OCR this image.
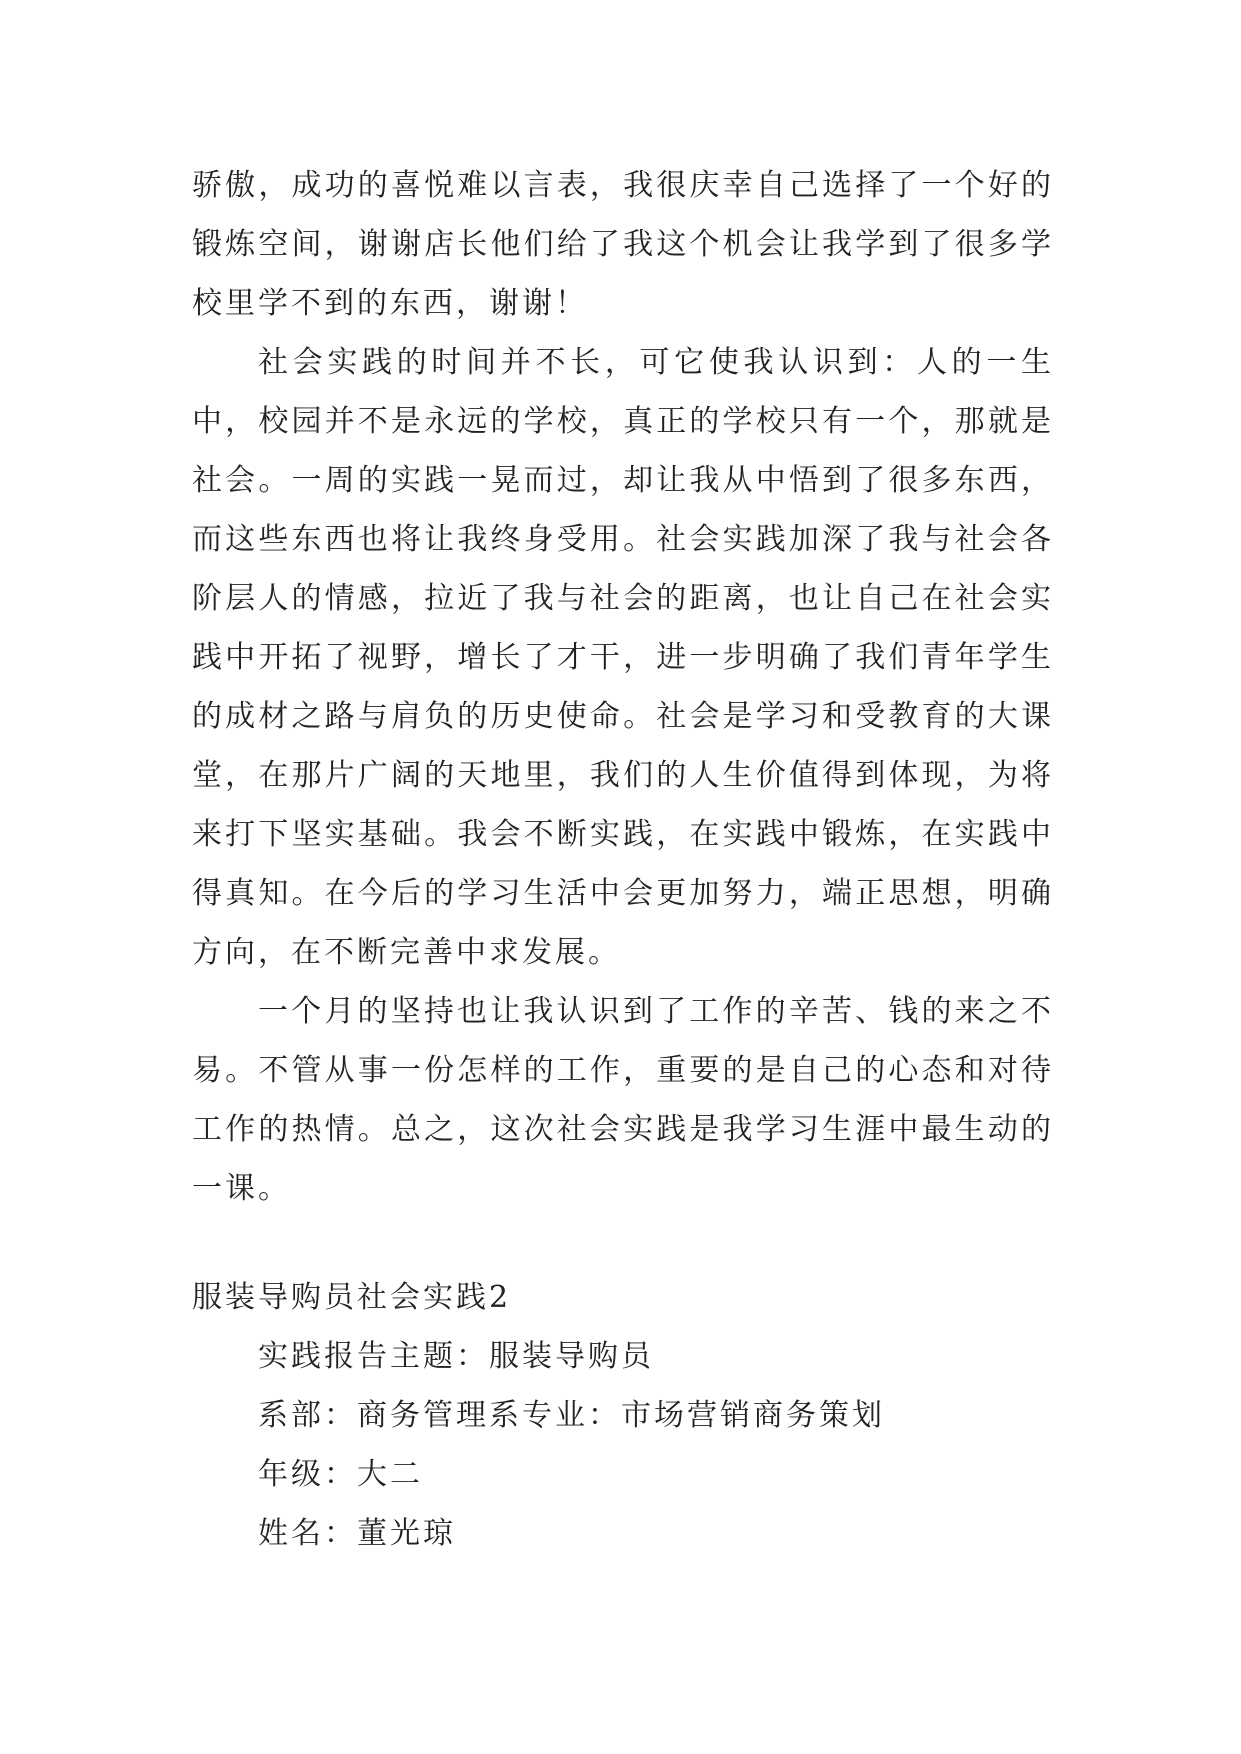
骄傲，成功的喜悦难以言表，我很庆幸自己选择了一个好的锻炼空间，谢谢店长他们给了我这个机会让我学到了很多学校里学不到的东西，谢谢！

社会实践的时间并不长，可它使我认识到：人的一生中，校园并不是永远的学校，真正的学校只有一个，那就是社会。一周的实践一晃而过，却让我从中悟到了很多东西，而这些东西也将让我终身受用。社会实践加深了我与社会各阶层人的情感，拉近了我与社会的距离，也让自己在社会实践中开拓了视野，增长了才干，进一步明确了我们青年学生的成材之路与肩负的历史使命。社会是学习和受教育的大课堂，在那片广阔的天地里，我们的人生价值得到体现，为将来打下坚实基础。我会不断实践，在实践中锻炼，在实践中得真知。在今后的学习生活中会更加努力，端正思想，明确方向，在不断完善中求发展。

一个月的坚持也让我认识到了工作的辛苦、钱的来之不易。不管从事一份怎样的工作，重要的是自己的心态和对待工作的热情。总之，这次社会实践是我学习生涯中最生动的一课。

服装导购员社会实践2

实践报告主题：服装导购员

系部：商务管理系专业：市场营销商务策划

年级：大二

姓名：董光琼
